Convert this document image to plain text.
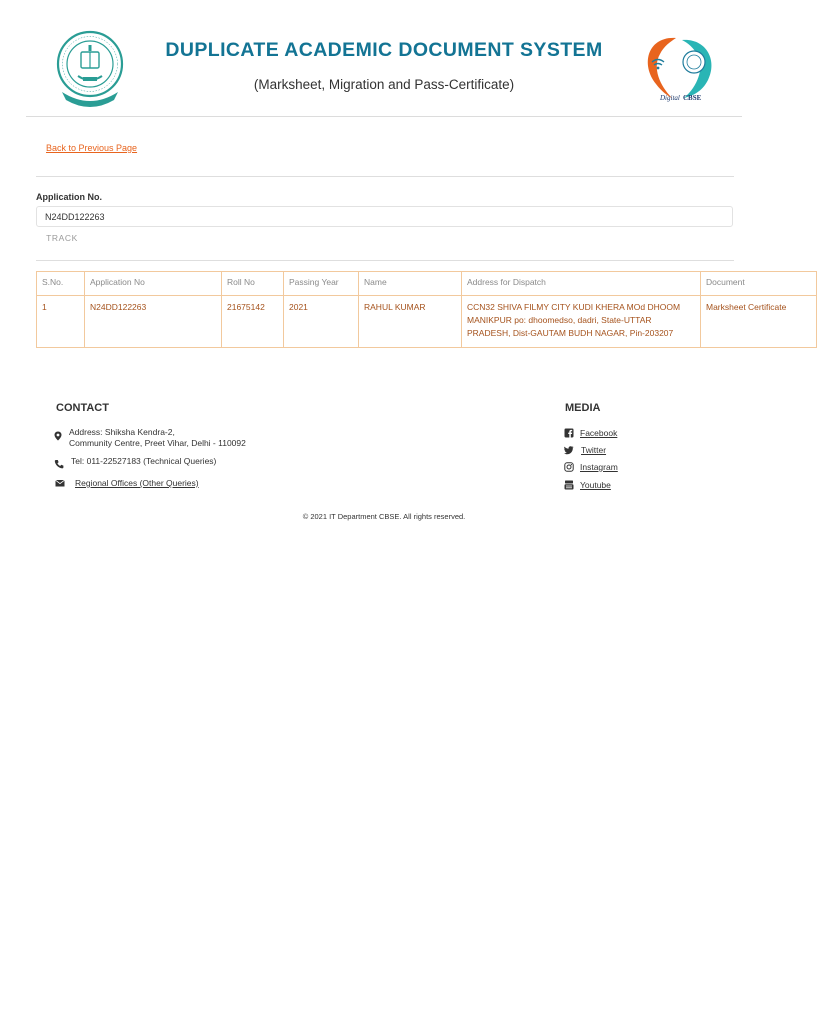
DUPLICATE ACADEMIC DOCUMENT SYSTEM
(Marksheet, Migration and Pass-Certificate)
Digital CBSE
Back to Previous Page
Application No.
N24DD122263
TRACK
S.No.	Application No	Roll No	Passing Year	Name	Address for Dispatch	Document
1	N24DD122263	21675142	2021	RAHUL KUMAR	CCN32 SHIVA FILMY CITY KUDI KHERA MOd DHOOM MANIKPUR po: dhoomedso, dadri, State-UTTAR PRADESH, Dist-GAUTAM BUDH NAGAR, Pin-203207	Marksheet Certificate
CONTACT
Address: Shiksha Kendra-2,
Community Centre, Preet Vihar, Delhi - 110092
Tel: 011-22527183 (Technical Queries)
Regional Offices (Other Queries)
MEDIA
Facebook
Twitter
Instagram
Youtube
© 2021 IT Department CBSE. All rights reserved.
